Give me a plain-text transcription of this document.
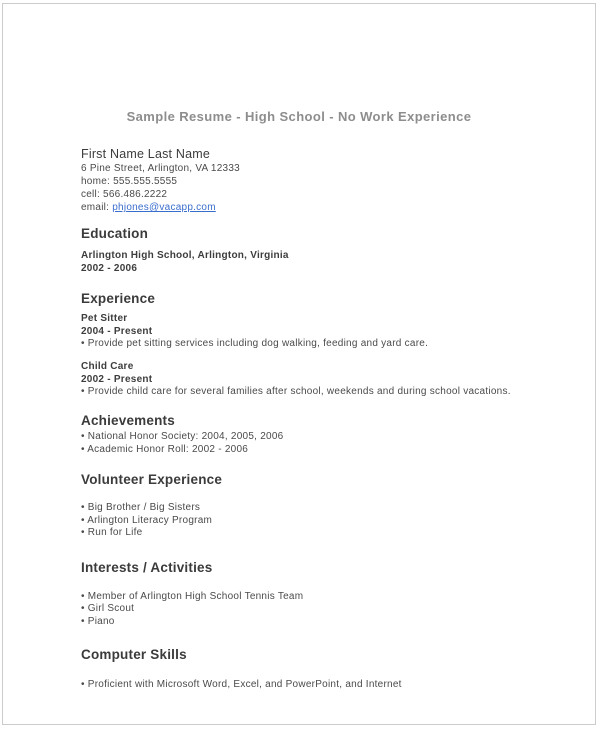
Sample Resume - High School - No Work Experience
First Name Last Name
6 Pine Street, Arlington, VA 12333
home: 555.555.5555
cell: 566.486.2222
email: phjones@vacapp.com
Education
Arlington High School, Arlington, Virginia
2002 - 2006
Experience
Pet Sitter
2004 - Present
• Provide pet sitting services including dog walking, feeding and yard care.
Child Care
2002 - Present
• Provide child care for several families after school, weekends and during school vacations.
Achievements
• National Honor Society: 2004, 2005, 2006
• Academic Honor Roll: 2002 - 2006
Volunteer Experience
• Big Brother / Big Sisters
• Arlington Literacy Program
• Run for Life
Interests / Activities
• Member of Arlington High School Tennis Team
• Girl Scout
• Piano
Computer Skills
• Proficient with Microsoft Word, Excel, and PowerPoint, and Internet
